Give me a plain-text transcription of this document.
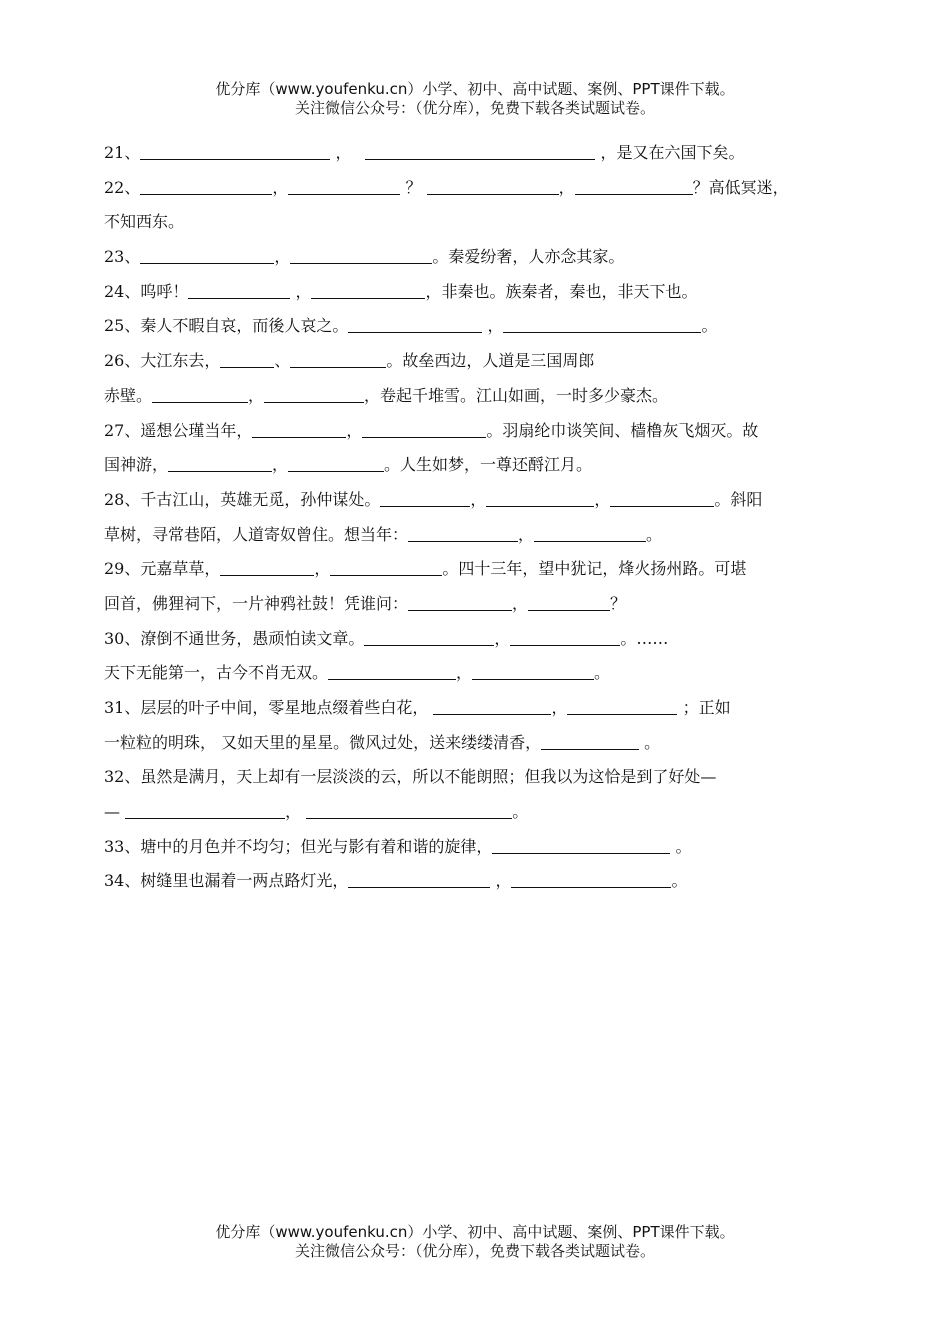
优分库（www.youfenku.cn）小学、初中、高中试题、案例、PPT课件下载。
关注微信公众号：（优分库），免费下载各类试题试卷。
21、	，	，是又在六国下矣。
22、	，	？	，	？高低冥迷，
不知西东。
23、	，	。秦爱纷奢，人亦念其家。
24、呜呼！	，	，非秦也。族秦者，秦也，非天下也。
25、秦人不暇自哀，而後人哀之。	，	。
26、大江东去，	、	。故垒西边，人道是三国周郎
赤壁。	，	，卷起千堆雪。江山如画，一时多少豪杰。
27、遥想公瑾当年，	，	。羽扇纶巾谈笑间、樯橹灰飞烟灭。故
国神游，	，	。人生如梦，一尊还酹江月。
28、千古江山，英雄无觅，孙仲谋处。	，	，	。斜阳
草树，寻常巷陌，人道寄奴曾住。想当年：	，	。
29、元嘉草草，	，	。四十三年，望中犹记，烽火扬州路。可堪
回首，佛狸祠下，一片神鸦社鼓！凭谁问：	，	？
30、潦倒不通世务，愚顽怕读文章。	，	。……
天下无能第一，古今不肖无双。	，	。
31、层层的叶子中间，零星地点缀着些白花，	，	；正如
一粒粒的明珠， 又如天里的星星。微风过处，送来缕缕清香，	。
32、虽然是满月，天上却有一层淡淡的云，所以不能朗照；但我以为这恰是到了好处—
—	，	。
33、塘中的月色并不均匀；但光与影有着和谐的旋律，	。
34、树缝里也漏着一两点路灯光，	，	。
优分库（www.youfenku.cn）小学、初中、高中试题、案例、PPT课件下载。
关注微信公众号：（优分库），免费下载各类试题试卷。
